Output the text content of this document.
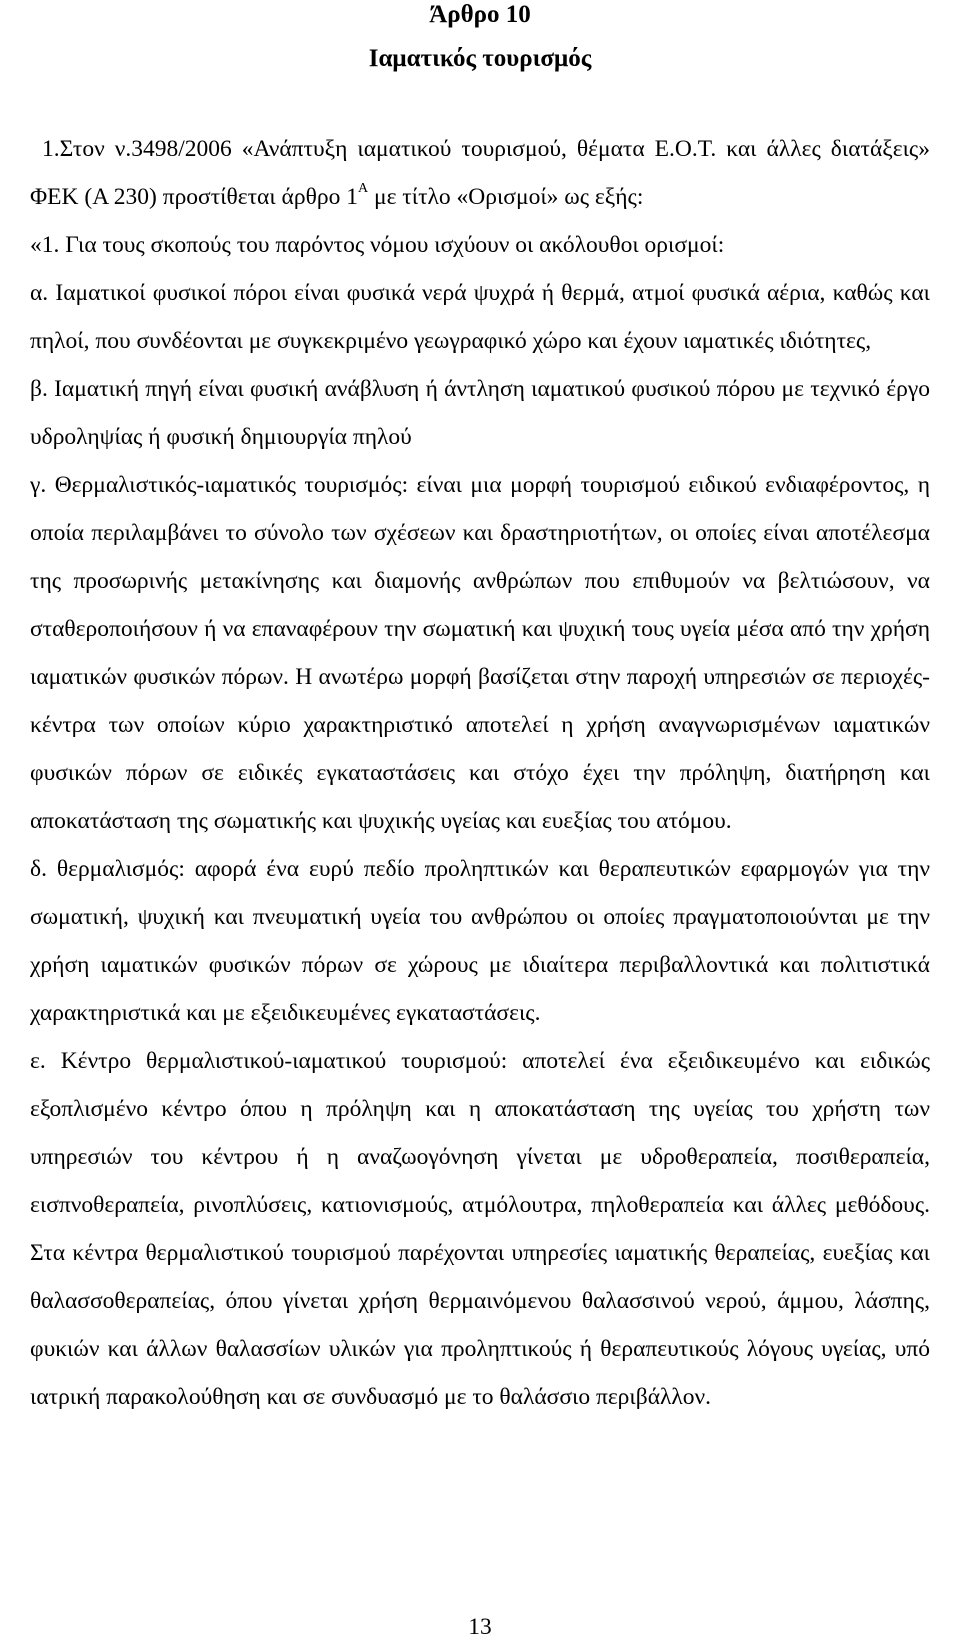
Άρθρο 10
Ιαματικός τουρισμός

1.Στον ν.3498/2006 «Ανάπτυξη ιαματικού τουρισμού, θέματα Ε.Ο.Τ. και άλλες διατάξεις» ΦΕΚ (Α 230) προστίθεται άρθρο $1^A$ με τίτλο «Ορισμοί» ως εξής:

«1. Για τους σκοπούς του παρόντος νόμου ισχύουν οι ακόλουθοι ορισμοί:

α. Ιαματικοί φυσικοί πόροι είναι φυσικά νερά ψυχρά ή θερμά, ατμοί φυσικά αέρια, καθώς και πηλοί, που συνδέονται με συγκεκριμένο γεωγραφικό χώρο και έχουν ιαματικές ιδιότητες,

β. Ιαματική πηγή είναι φυσική ανάβλυση ή άντληση ιαματικού φυσικού πόρου με τεχνικό έργο υδροληψίας ή φυσική δημιουργία πηλού

γ. Θερμαλιστικός-ιαματικός τουρισμός: είναι μια μορφή τουρισμού ειδικού ενδιαφέροντος, η οποία περιλαμβάνει το σύνολο των σχέσεων και δραστηριοτήτων, οι οποίες είναι αποτέλεσμα της προσωρινής μετακίνησης και διαμονής ανθρώπων που επιθυμούν να βελτιώσουν, να σταθεροποιήσουν ή να επαναφέρουν την σωματική και ψυχική τους υγεία μέσα από την χρήση ιαματικών φυσικών πόρων. Η ανωτέρω μορφή βασίζεται στην παροχή υπηρεσιών σε περιοχές- κέντρα των οποίων κύριο χαρακτηριστικό αποτελεί η χρήση αναγνωρισμένων ιαματικών φυσικών πόρων σε ειδικές εγκαταστάσεις και στόχο έχει την πρόληψη, διατήρηση και αποκατάσταση της σωματικής και ψυχικής υγείας και ευεξίας του ατόμου.

δ. θερμαλισμός: αφορά ένα ευρύ πεδίο προληπτικών και θεραπευτικών εφαρμογών για την σωματική, ψυχική και πνευματική υγεία του ανθρώπου οι οποίες πραγματοποιούνται με την χρήση ιαματικών φυσικών πόρων σε χώρους με ιδιαίτερα περιβαλλοντικά και πολιτιστικά χαρακτηριστικά και με εξειδικευμένες εγκαταστάσεις.

ε. Κέντρο θερμαλιστικού-ιαματικού τουρισμού: αποτελεί ένα εξειδικευμένο και ειδικώς εξοπλισμένο κέντρο όπου η πρόληψη και η αποκατάσταση της υγείας του χρήστη των υπηρεσιών του κέντρου ή η αναζωογόνηση γίνεται με υδροθεραπεία, ποσιθεραπεία, εισπνοθεραπεία, ρινοπλύσεις, κατιονισμούς, ατμόλουτρα, πηλοθεραπεία και άλλες μεθόδους. Στα κέντρα θερμαλιστικού τουρισμού παρέχονται υπηρεσίες ιαματικής θεραπείας, ευεξίας και θαλασσοθεραπείας, όπου γίνεται χρήση θερμαινόμενου θαλασσινού νερού, άμμου, λάσπης, φυκιών και άλλων θαλασσίων υλικών για προληπτικούς ή θεραπευτικούς λόγους υγείας, υπό ιατρική παρακολούθηση και σε συνδυασμό με το θαλάσσιο περιβάλλον.

13
